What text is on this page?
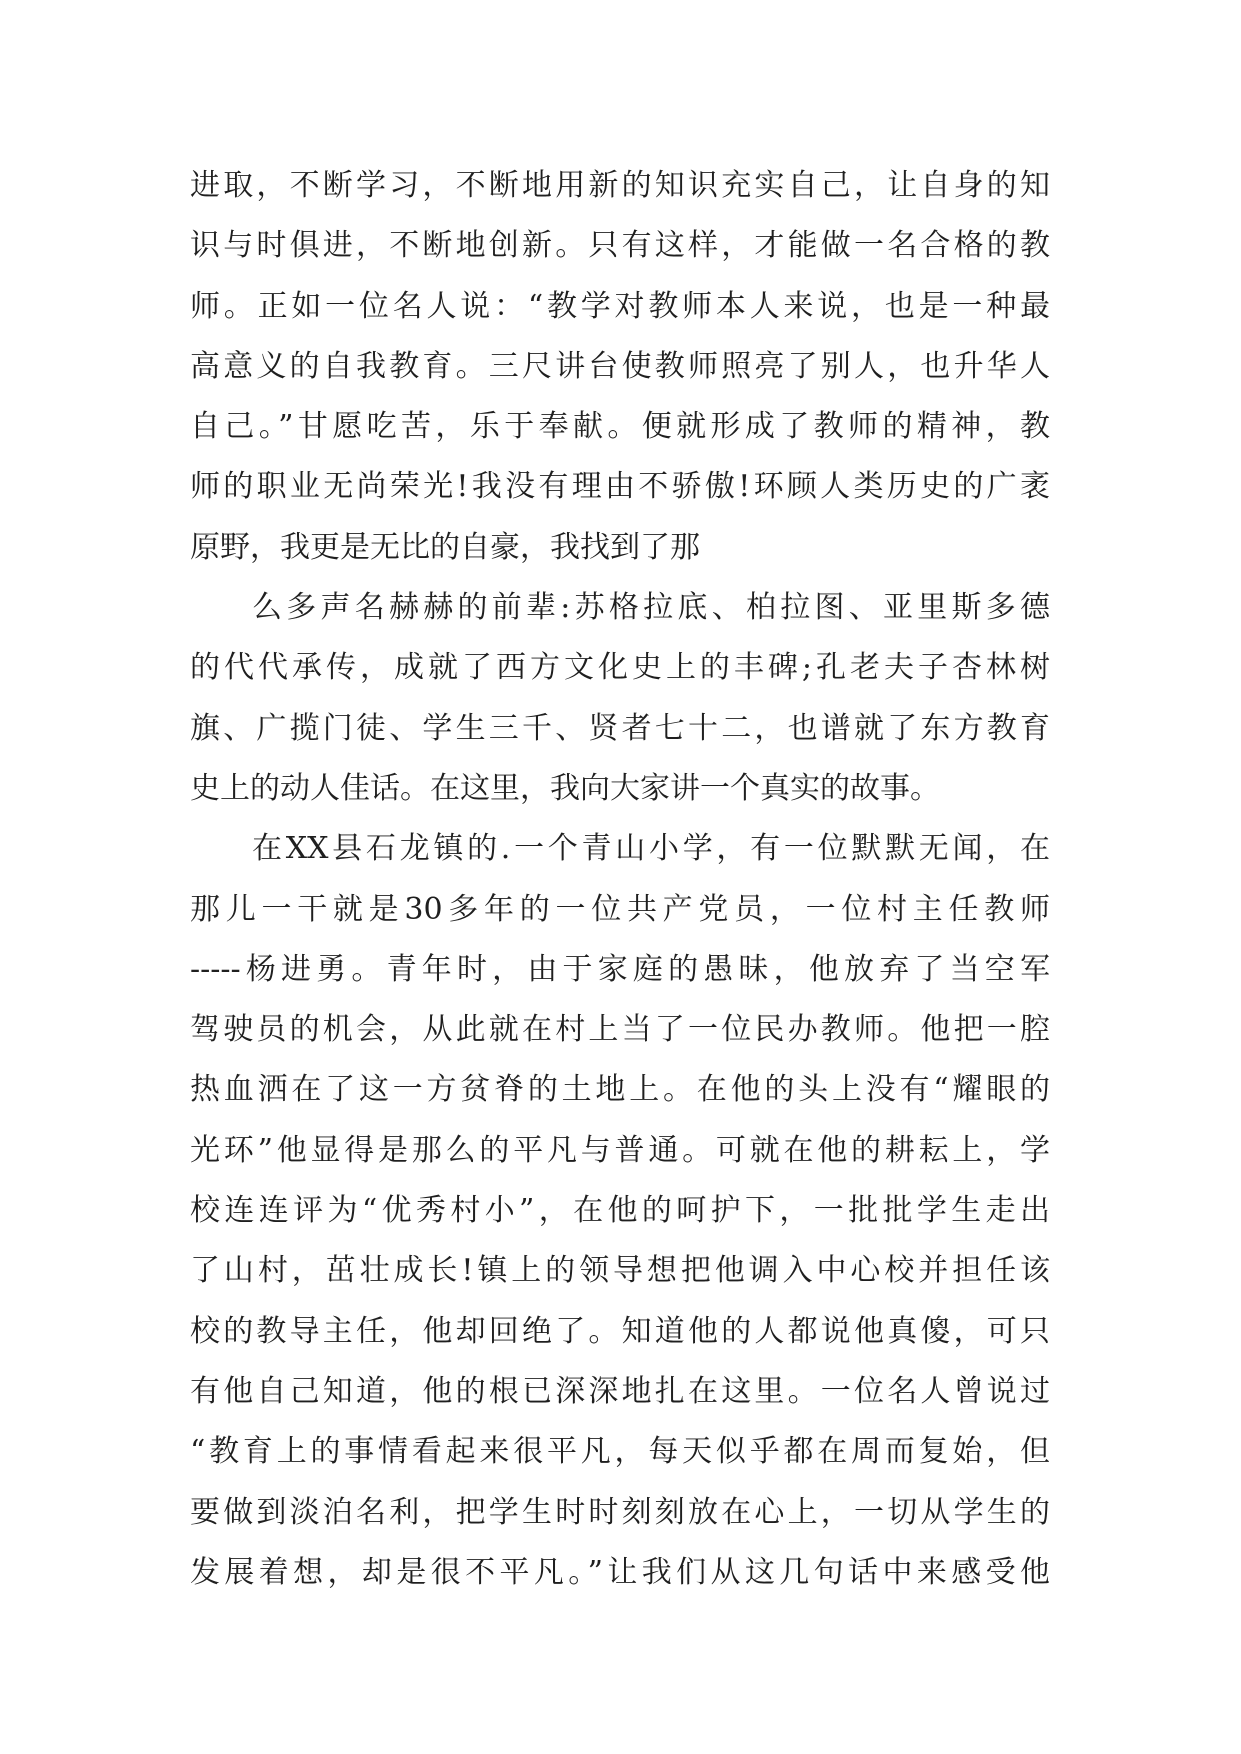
进取，不断学习，不断地用新的知识充实自己，让自身的知
识与时俱进，不断地创新。只有这样，才能做一名合格的教
师。正如一位名人说：“教学对教师本人来说，也是一种最
高意义的自我教育。三尺讲台使教师照亮了别人，也升华人
自己。”甘愿吃苦，乐于奉献。便就形成了教师的精神，教
师的职业无尚荣光!我没有理由不骄傲!环顾人类历史的广袤
原野，我更是无比的自豪，我找到了那
么多声名赫赫的前辈:苏格拉底、柏拉图、亚里斯多德
的代代承传，成就了西方文化史上的丰碑;孔老夫子杏林树
旗、广揽门徒、学生三千、贤者七十二，也谱就了东方教育
史上的动人佳话。在这里，我向大家讲一个真实的故事。
在XX县石龙镇的.一个青山小学，有一位默默无闻，在
那儿一干就是30多年的一位共产党员，一位村主任教师
-----杨进勇。青年时，由于家庭的愚昧，他放弃了当空军
驾驶员的机会，从此就在村上当了一位民办教师。他把一腔
热血洒在了这一方贫脊的土地上。在他的头上没有“耀眼的
光环”他显得是那么的平凡与普通。可就在他的耕耘上，学
校连连评为“优秀村小”，在他的呵护下，一批批学生走出
了山村，茁壮成长!镇上的领导想把他调入中心校并担任该
校的教导主任，他却回绝了。知道他的人都说他真傻，可只
有他自己知道，他的根已深深地扎在这里。一位名人曾说过
“教育上的事情看起来很平凡，每天似乎都在周而复始，但
要做到淡泊名利，把学生时时刻刻放在心上，一切从学生的
发展着想，却是很不平凡。”让我们从这几句话中来感受他
